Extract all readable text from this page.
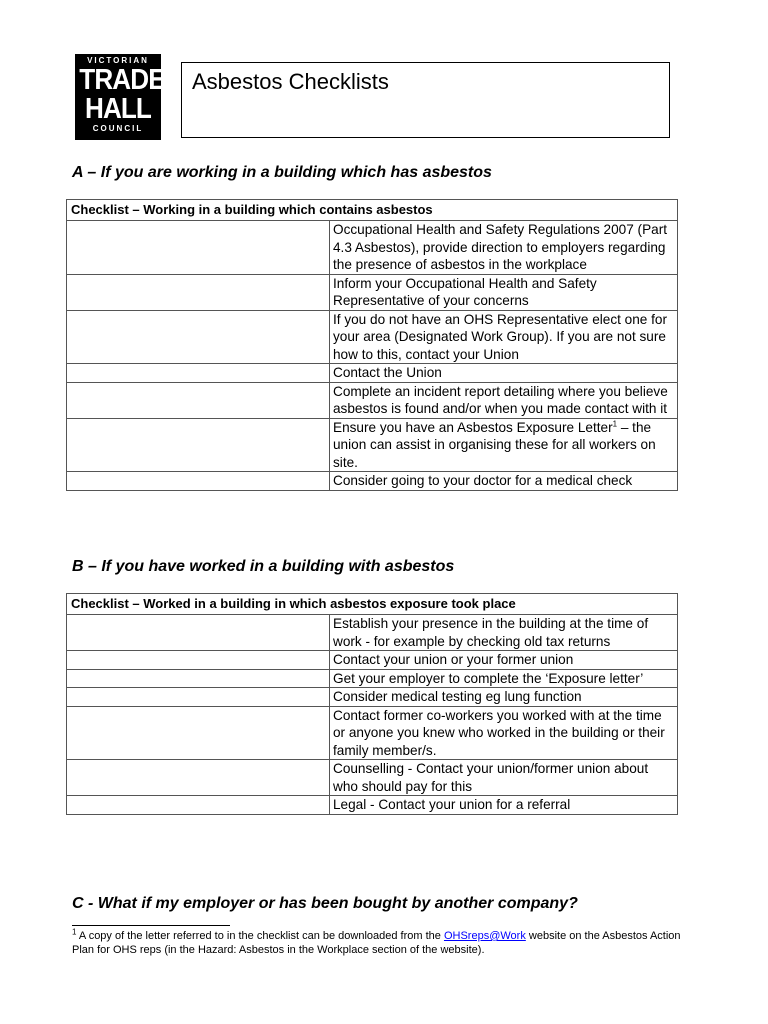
VICTORIAN
TRADES
HALL
COUNCIL
Asbestos Checklists
A – If you are working in a building which has asbestos
Checklist – Working in a building which contains asbestos	
	Occupational Health and Safety Regulations 2007 (Part 4.3 Asbestos), provide direction to employers regarding the presence of asbestos in the workplace
	Inform your Occupational Health and Safety Representative of your concerns
	If you do not have an OHS Representative elect one for your area (Designated Work Group). If you are not sure how to this, contact your Union
	Contact the Union
	Complete an incident report detailing where you believe asbestos is found and/or when you made contact with it
	Ensure you have an Asbestos Exposure Letter$^1$ – the union can assist in organising these for all workers on site.
	Consider going to your doctor for a medical check
B – If you have worked in a building with asbestos
Checklist – Worked in a building in which asbestos exposure took place	
	Establish your presence in the building at the time of work - for example by checking old tax returns
	Contact your union or your former union
	Get your employer to complete the ‘Exposure letter’
	Consider medical testing eg lung function
	Contact former co-workers you worked with at the time or anyone you knew who worked in the building or their family member/s.
	Counselling - Contact your union/former union about who should pay for this
	Legal - Contact your union for a referral
C - What if my employer or has been bought by another company?
$^1$ A copy of the letter referred to in the checklist can be downloaded from the OHSreps@Work website on the Asbestos Action Plan for OHS reps (in the Hazard: Asbestos in the Workplace section of the website).
